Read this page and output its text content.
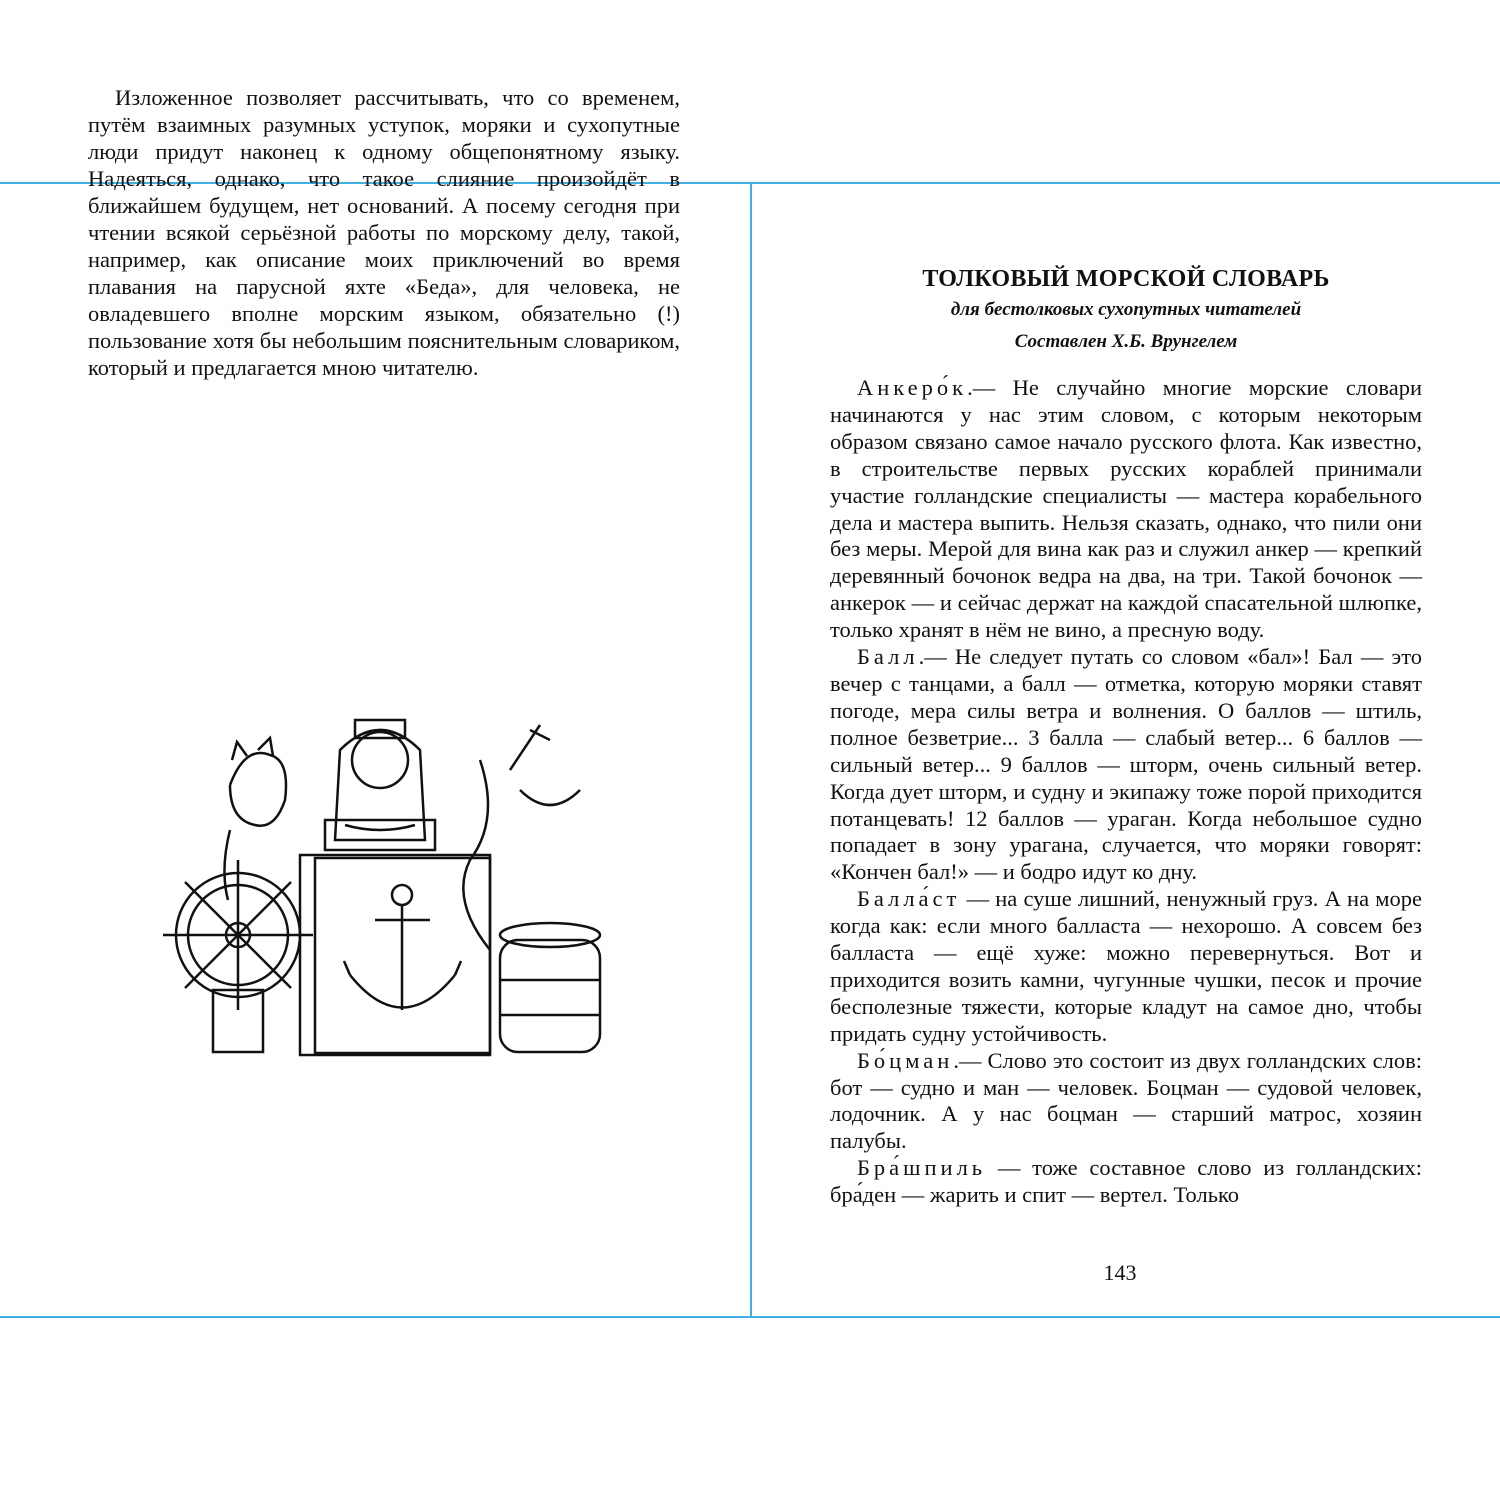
Изложенное позволяет рассчитывать, что со временем, путём взаимных разумных уступок, моряки и сухопутные люди придут наконец к одному общепонятному языку. Надеяться, однако, что такое слияние произойдёт в ближайшем будущем, нет оснований. А посему сегодня при чтении всякой серьёзной работы по морскому делу, такой, например, как описание моих приключений во время плавания на парусной яхте «Беда», для человека, не овладевшего вполне морским языком, обязательно (!) пользование хотя бы небольшим пояснительным словариком, который и предлагается мною читателю.

ТОЛКОВЫЙ МОРСКОЙ СЛОВАРЬ
для бестолковых сухопутных читателей
Составлен Х.Б. Врунгелем

Анкеро́к.— Не случайно многие морские словари начинаются у нас этим словом, с которым некоторым образом связано самое начало русского флота. Как известно, в строительстве первых русских кораблей принимали участие голландские специалисты — мастера корабельного дела и мастера выпить. Нельзя сказать, однако, что пили они без меры. Мерой для вина как раз и служил анкер — крепкий деревянный бочонок ведра на два, на три. Такой бочонок — анкерок — и сейчас держат на каждой спасательной шлюпке, только хранят в нём не вино, а пресную воду.

Балл.— Не следует путать со словом «бал»! Бал — это вечер с танцами, а балл — отметка, которую моряки ставят погоде, мера силы ветра и волнения. О баллов — штиль, полное безветрие... 3 балла — слабый ветер... 6 баллов — сильный ветер... 9 баллов — шторм, очень сильный ветер. Когда дует шторм, и судну и экипажу тоже порой приходится потанцевать! 12 баллов — ураган. Когда небольшое судно попадает в зону урагана, случается, что моряки говорят: «Кончен бал!» — и бодро идут ко дну.

Балла́ст — на суше лишний, ненужный груз. А на море когда как: если много балласта — нехорошо. А совсем без балласта — ещё хуже: можно перевернуться. Вот и приходится возить камни, чугунные чушки, песок и прочие бесполезные тяжести, которые кладут на самое дно, чтобы придать судну устойчивость.

Бо́цман.— Слово это состоит из двух голландских слов: бот — судно и ман — человек. Боцман — судовой человек, лодочник. А у нас боцман — старший матрос, хозяин палубы.

Бра́шпиль — тоже составное слово из голландских: бра́ден — жарить и спит — вертел. Только

143
